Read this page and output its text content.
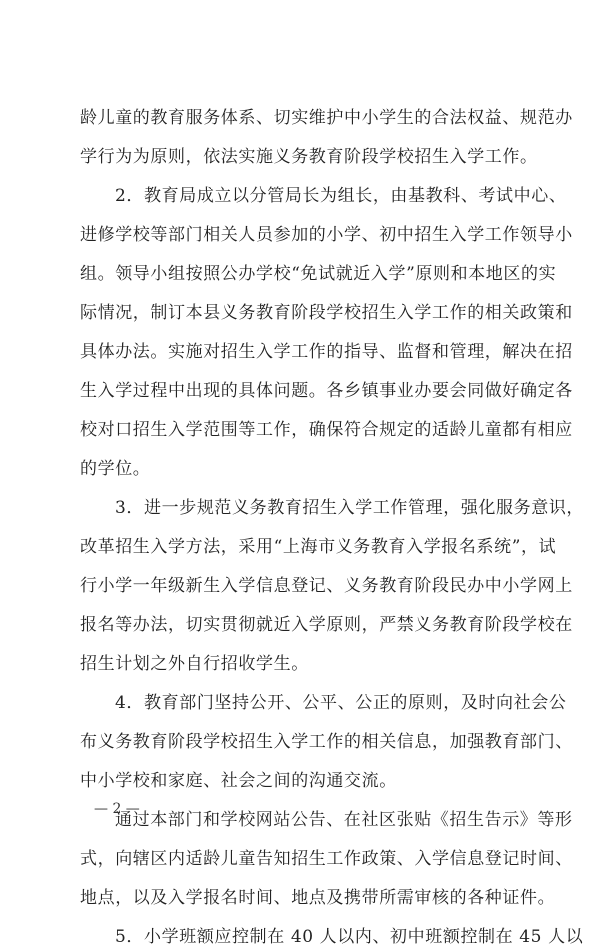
龄儿童的教育服务体系、切实维护中小学生的合法权益、规范办
学行为为原则，依法实施义务教育阶段学校招生入学工作。
2．教育局成立以分管局长为组长，由基教科、考试中心、
进修学校等部门相关人员参加的小学、初中招生入学工作领导小
组。领导小组按照公办学校“免试就近入学”原则和本地区的实
际情况，制订本县义务教育阶段学校招生入学工作的相关政策和
具体办法。实施对招生入学工作的指导、监督和管理，解决在招
生入学过程中出现的具体问题。各乡镇事业办要会同做好确定各
校对口招生入学范围等工作，确保符合规定的适龄儿童都有相应
的学位。
3．进一步规范义务教育招生入学工作管理，强化服务意识，
改革招生入学方法，采用“上海市义务教育入学报名系统”，试
行小学一年级新生入学信息登记、义务教育阶段民办中小学网上
报名等办法，切实贯彻就近入学原则，严禁义务教育阶段学校在
招生计划之外自行招收学生。
4．教育部门坚持公开、公平、公正的原则，及时向社会公
布义务教育阶段学校招生入学工作的相关信息，加强教育部门、
中小学校和家庭、社会之间的沟通交流。
通过本部门和学校网站公告、在社区张贴《招生告示》等形
式，向辖区内适龄儿童告知招生工作政策、入学信息登记时间、
地点，以及入学报名时间、地点及携带所需审核的各种证件。
5．小学班额应控制在 40 人以内、初中班额控制在 45 人以
— 2 —
